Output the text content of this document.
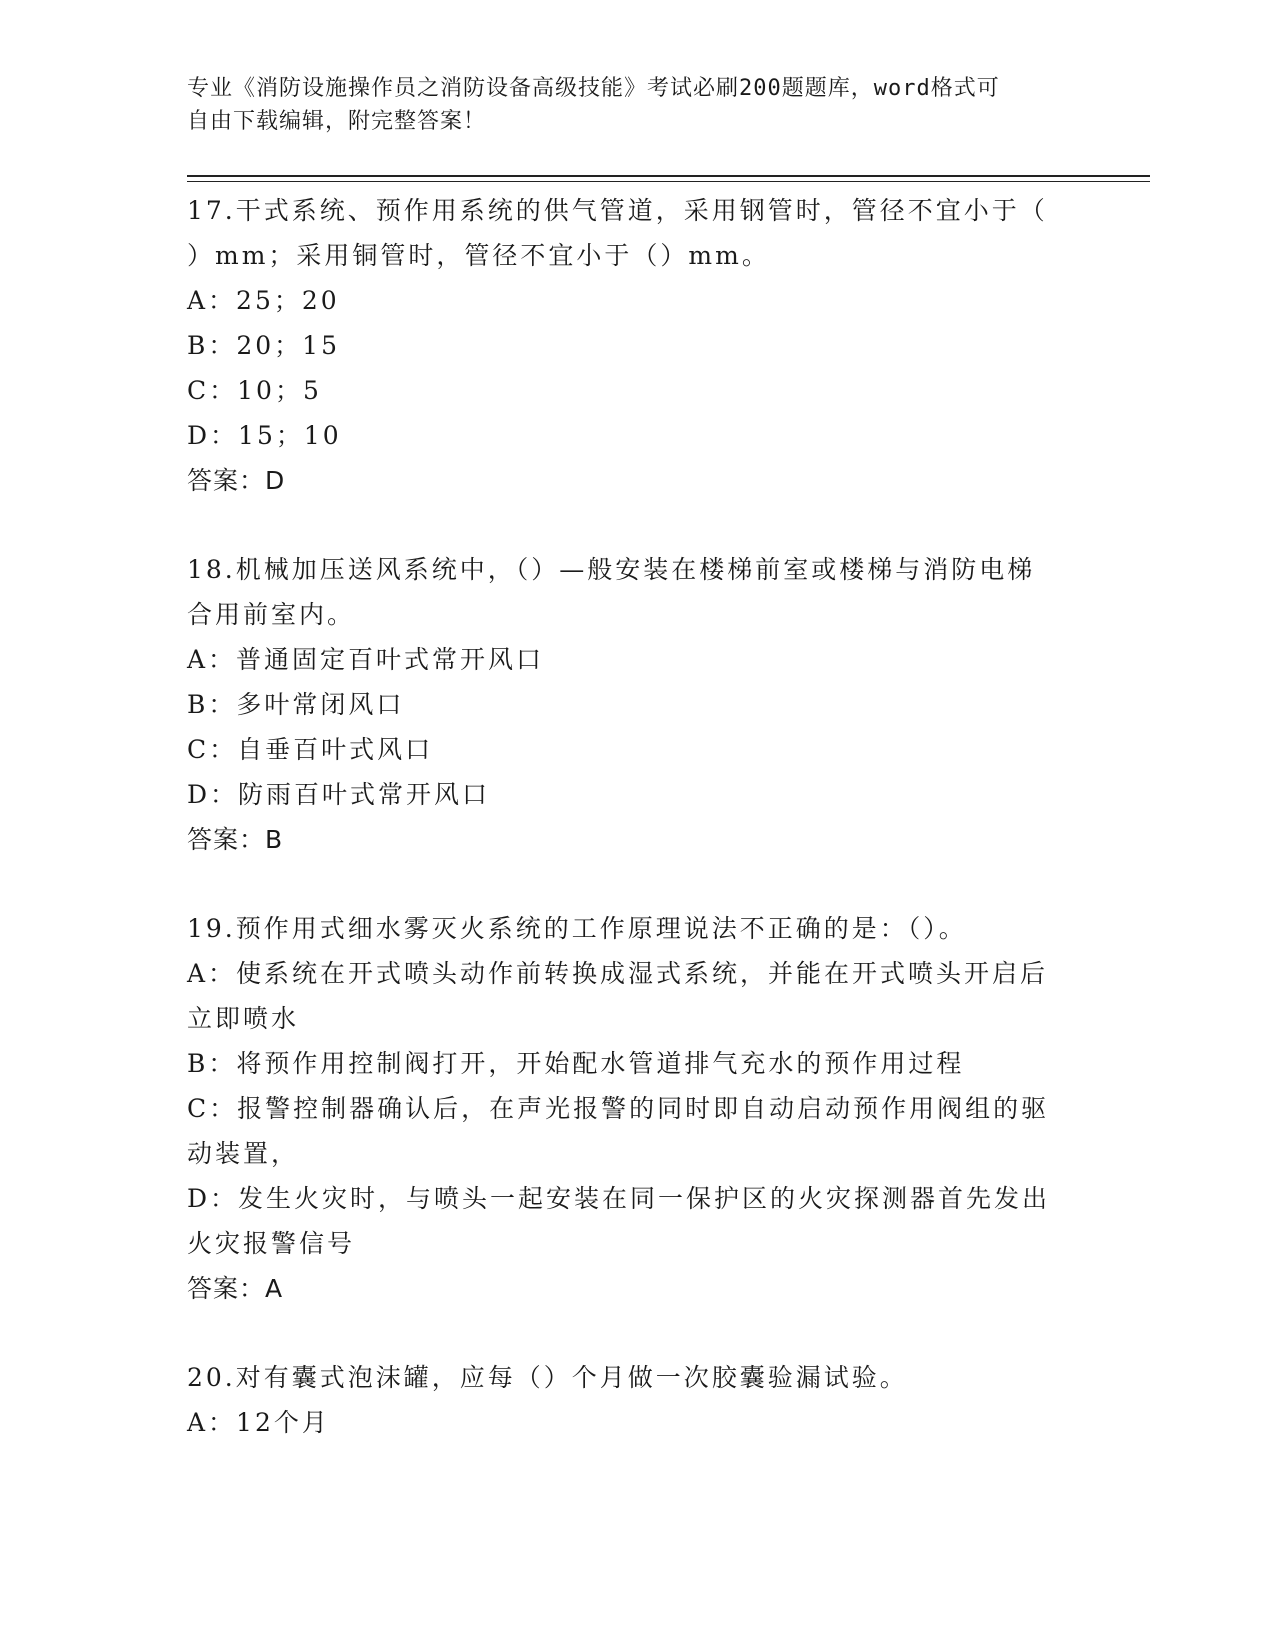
专业《消防设施操作员之消防设备高级技能》考试必刷200题题库，word格式可
自由下载编辑，附完整答案！
17.干式系统、预作用系统的供气管道，采用钢管时，管径不宜小于（
）mm；采用铜管时，管径不宜小于（）mm。
A：25；20
B：20；15
C：10；5
D：15；10
答案：D
18.机械加压送风系统中，（）—般安装在楼梯前室或楼梯与消防电梯
合用前室内。
A：普通固定百叶式常开风口
B：多叶常闭风口
C：自垂百叶式风口
D：防雨百叶式常开风口
答案：B
19.预作用式细水雾灭火系统的工作原理说法不正确的是：（）。
A：使系统在开式喷头动作前转换成湿式系统，并能在开式喷头开启后
立即喷水
B：将预作用控制阀打开，开始配水管道排气充水的预作用过程
C：报警控制器确认后，在声光报警的同时即自动启动预作用阀组的驱
动装置，
D：发生火灾时，与喷头一起安装在同一保护区的火灾探测器首先发出
火灾报警信号
答案：A
20.对有囊式泡沫罐，应每（）个月做一次胶囊验漏试验。
A：12个月
